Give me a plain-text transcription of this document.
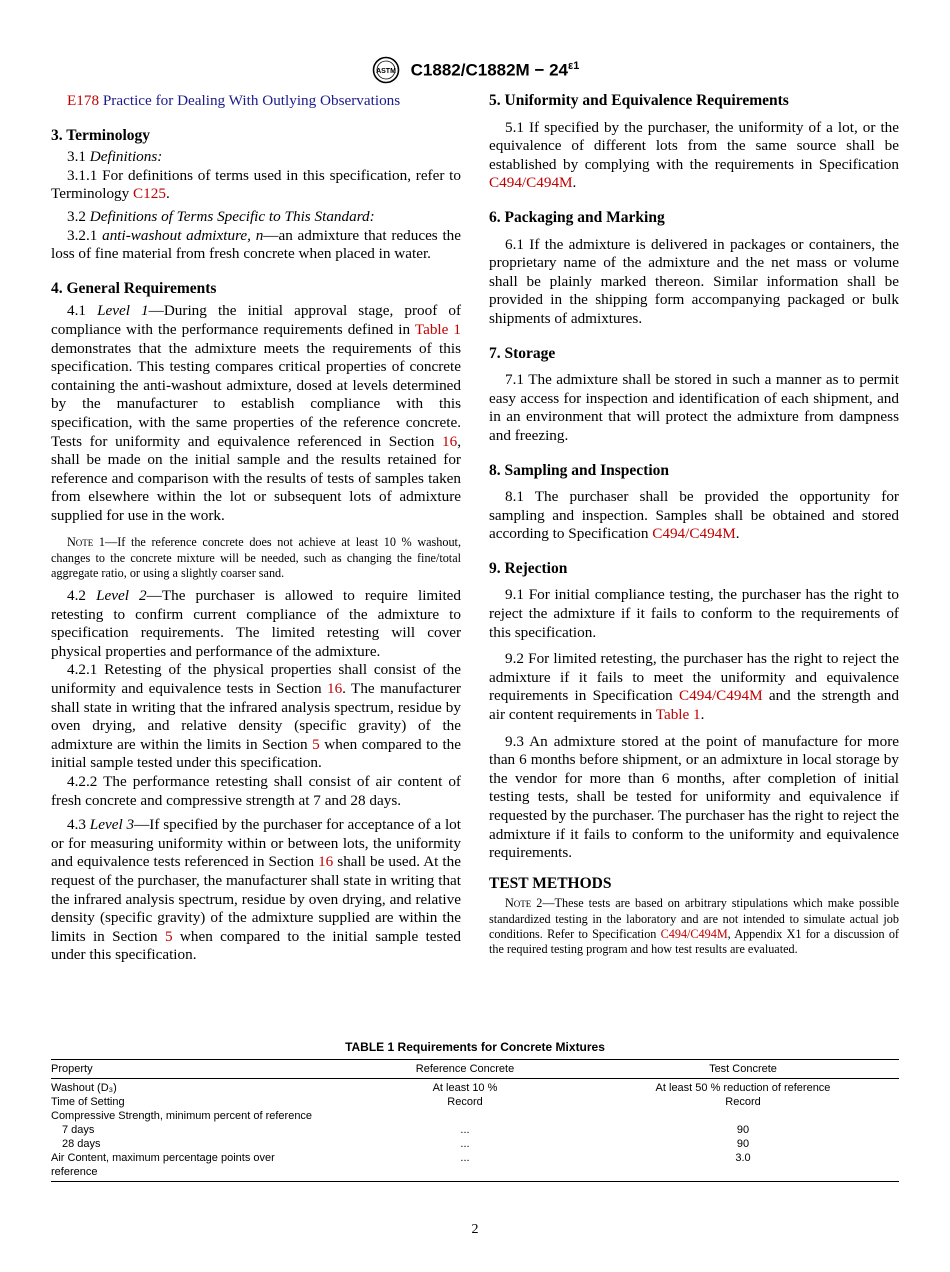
ASTM $C1882/C1882M - 24^{\varepsilon 1}$

E178 Practice for Dealing With Outlying Observations

3. Terminology

3.1 Definitions:

3.1.1 For definitions of terms used in this specification, refer to Terminology C125.

3.2 Definitions of Terms Specific to This Standard:

3.2.1 anti-washout admixture, n—an admixture that reduces the loss of fine material from fresh concrete when placed in water.

4. General Requirements

4.1 Level 1—During the initial approval stage, proof of compliance with the performance requirements defined in Table 1 demonstrates that the admixture meets the requirements of this specification. This testing compares critical properties of concrete containing the anti-washout admixture, dosed at levels determined by the manufacturer to establish compliance with this specification, with the same properties of the reference concrete. Tests for uniformity and equivalence referenced in Section 16, shall be made on the initial sample and the results retained for reference and comparison with the results of tests of samples taken from elsewhere within the lot or subsequent lots of admixture supplied for use in the work.

Note 1—If the reference concrete does not achieve at least 10 % washout, changes to the concrete mixture will be needed, such as changing the fine/total aggregate ratio, or using a slightly coarser sand.

4.2 Level 2—The purchaser is allowed to require limited retesting to confirm current compliance of the admixture to specification requirements. The limited retesting will cover physical properties and performance of the admixture.

4.2.1 Retesting of the physical properties shall consist of the uniformity and equivalence tests in Section 16. The manufacturer shall state in writing that the infrared analysis spectrum, residue by oven drying, and relative density (specific gravity) of the admixture are within the limits in Section 5 when compared to the initial sample tested under this specification.

4.2.2 The performance retesting shall consist of air content of fresh concrete and compressive strength at 7 and 28 days.

4.3 Level 3—If specified by the purchaser for acceptance of a lot or for measuring uniformity within or between lots, the uniformity and equivalence tests referenced in Section 16 shall be used. At the request of the purchaser, the manufacturer shall state in writing that the infrared analysis spectrum, residue by oven drying, and relative density (specific gravity) of the admixture supplied are within the limits in Section 5 when compared to the initial sample tested under this specification.

5. Uniformity and Equivalence Requirements

5.1 If specified by the purchaser, the uniformity of a lot, or the equivalence of different lots from the same source shall be established by complying with the requirements in Specification C494/C494M.

6. Packaging and Marking

6.1 If the admixture is delivered in packages or containers, the proprietary name of the admixture and the net mass or volume shall be plainly marked thereon. Similar information shall be provided in the shipping form accompanying packaged or bulk shipments of admixtures.

7. Storage

7.1 The admixture shall be stored in such a manner as to permit easy access for inspection and identification of each shipment, and in an environment that will protect the admixture from dampness and freezing.

8. Sampling and Inspection

8.1 The purchaser shall be provided the opportunity for sampling and inspection. Samples shall be obtained and stored according to Specification C494/C494M.

9. Rejection

9.1 For initial compliance testing, the purchaser has the right to reject the admixture if it fails to conform to the requirements of this specification.

9.2 For limited retesting, the purchaser has the right to reject the admixture if it fails to meet the uniformity and equivalence requirements in Specification C494/C494M and the strength and air content requirements in Table 1.

9.3 An admixture stored at the point of manufacture for more than 6 months before shipment, or an admixture in local storage by the vendor for more than 6 months, after completion of initial testing tests, shall be tested for uniformity and equivalence if requested by the purchaser. The purchaser has the right to reject the admixture if it fails to conform to the uniformity and equivalence requirements.

TEST METHODS

Note 2—These tests are based on arbitrary stipulations which make possible standardized testing in the laboratory and are not intended to simulate actual job conditions. Refer to Specification C494/C494M, Appendix X1 for a discussion of the required testing program and how test results are evaluated.

TABLE 1 Requirements for Concrete Mixtures
Property	Reference Concrete	Test Concrete
Washout (D₃)	At least 10 %	At least 50 % reduction of reference
Time of Setting	Record	Record
Compressive Strength, minimum percent of reference		
7 days	...	90
28 days	...	90
Air Content, maximum percentage points over reference	...	3.0
2
